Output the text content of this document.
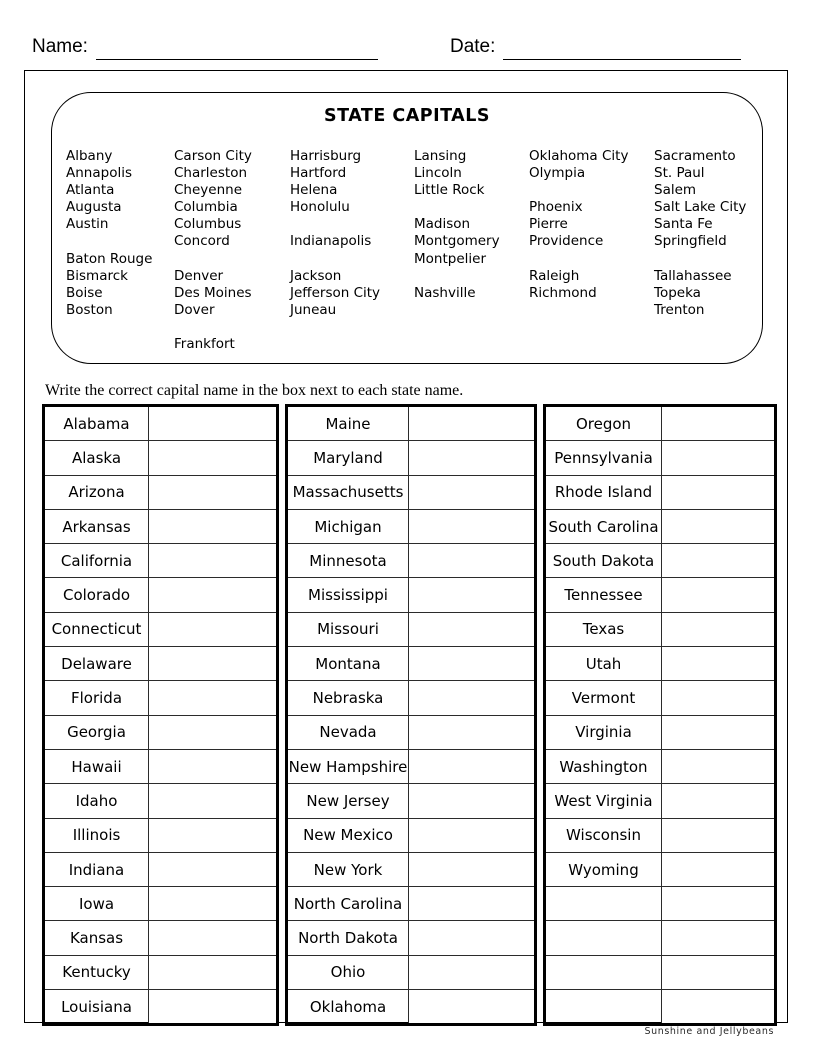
Name:	Date:
STATE CAPITALS
Albany
Annapolis
Atlanta
Augusta
Austin

Baton Rouge
Bismarck
Boise
Boston

Carson City
Charleston
Cheyenne
Columbia
Columbus
Concord

Denver
Des Moines
Dover

Frankfort
Harrisburg
Hartford
Helena
Honolulu

Indianapolis

Jackson
Jefferson City
Juneau

Lansing
Lincoln
Little Rock

Madison
Montgomery
Montpelier

Nashville

Oklahoma City
Olympia

Phoenix
Pierre
Providence

Raleigh
Richmond

Sacramento
St. Paul
Salem
Salt Lake City
Santa Fe
Springfield

Tallahassee
Topeka
Trenton

Write the correct capital name in the box next to each state name.
Alabama	
Alaska	
Arizona	
Arkansas	
California	
Colorado	
Connecticut	
Delaware	
Florida	
Georgia	
Hawaii	
Idaho	
Illinois	
Indiana	
Iowa	
Kansas	
Kentucky	
Louisiana	
Maine	
Maryland	
Massachusetts	
Michigan	
Minnesota	
Mississippi	
Missouri	
Montana	
Nebraska	
Nevada	
New Hampshire	
New Jersey	
New Mexico	
New York	
North Carolina	
North Dakota	
Ohio	
Oklahoma	
Oregon	
Pennsylvania	
Rhode Island	
South Carolina	
South Dakota	
Tennessee	
Texas	
Utah	
Vermont	
Virginia	
Washington	
West Virginia	
Wisconsin	
Wyoming	

Sunshine and Jellybeans
